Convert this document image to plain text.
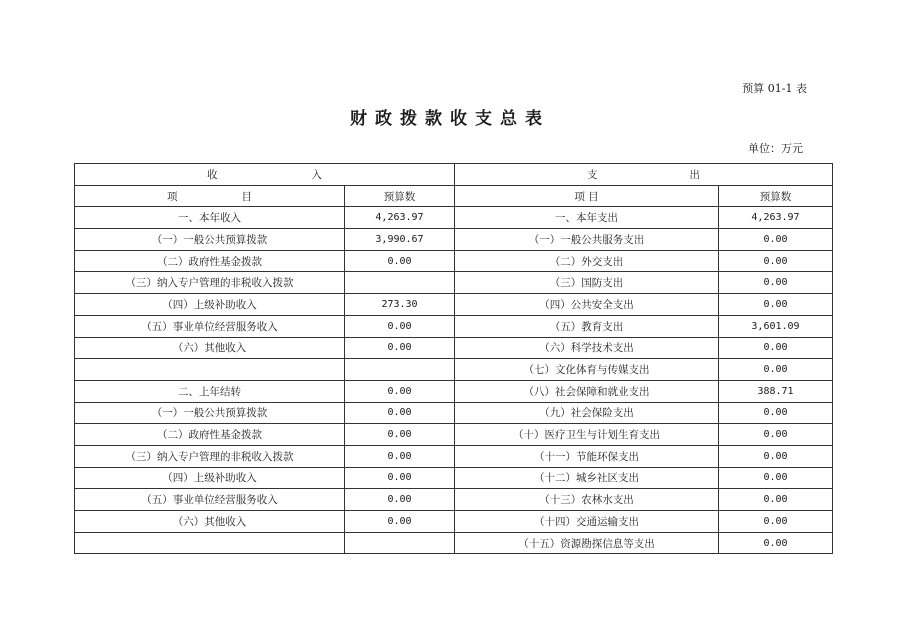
预算 01-1 表
财政拨款收支总表
单位：万元
收 入		支 出	

项 目	预算数	项 目	预算数
一、本年收入	4,263.97	一、本年支出	4,263.97
（一）一般公共预算拨款	3,990.67	（一）一般公共服务支出	0.00
（二）政府性基金拨款	0.00	（二）外交支出	0.00
（三）纳入专户管理的非税收入拨款		（三）国防支出	0.00
（四）上级补助收入	273.30	（四）公共安全支出	0.00
（五）事业单位经营服务收入	0.00	（五）教育支出	3,601.09
（六）其他收入	0.00	（六）科学技术支出	0.00
		（七）文化体育与传媒支出	0.00
二、上年结转	0.00	（八）社会保障和就业支出	388.71
（一）一般公共预算拨款	0.00	（九）社会保险支出	0.00
（二）政府性基金拨款	0.00	（十）医疗卫生与计划生育支出	0.00
（三）纳入专户管理的非税收入拨款	0.00	（十一）节能环保支出	0.00
（四）上级补助收入	0.00	（十二）城乡社区支出	0.00
（五）事业单位经营服务收入	0.00	（十三）农林水支出	0.00
（六）其他收入	0.00	（十四）交通运输支出	0.00
		（十五）资源勘探信息等支出	0.00
